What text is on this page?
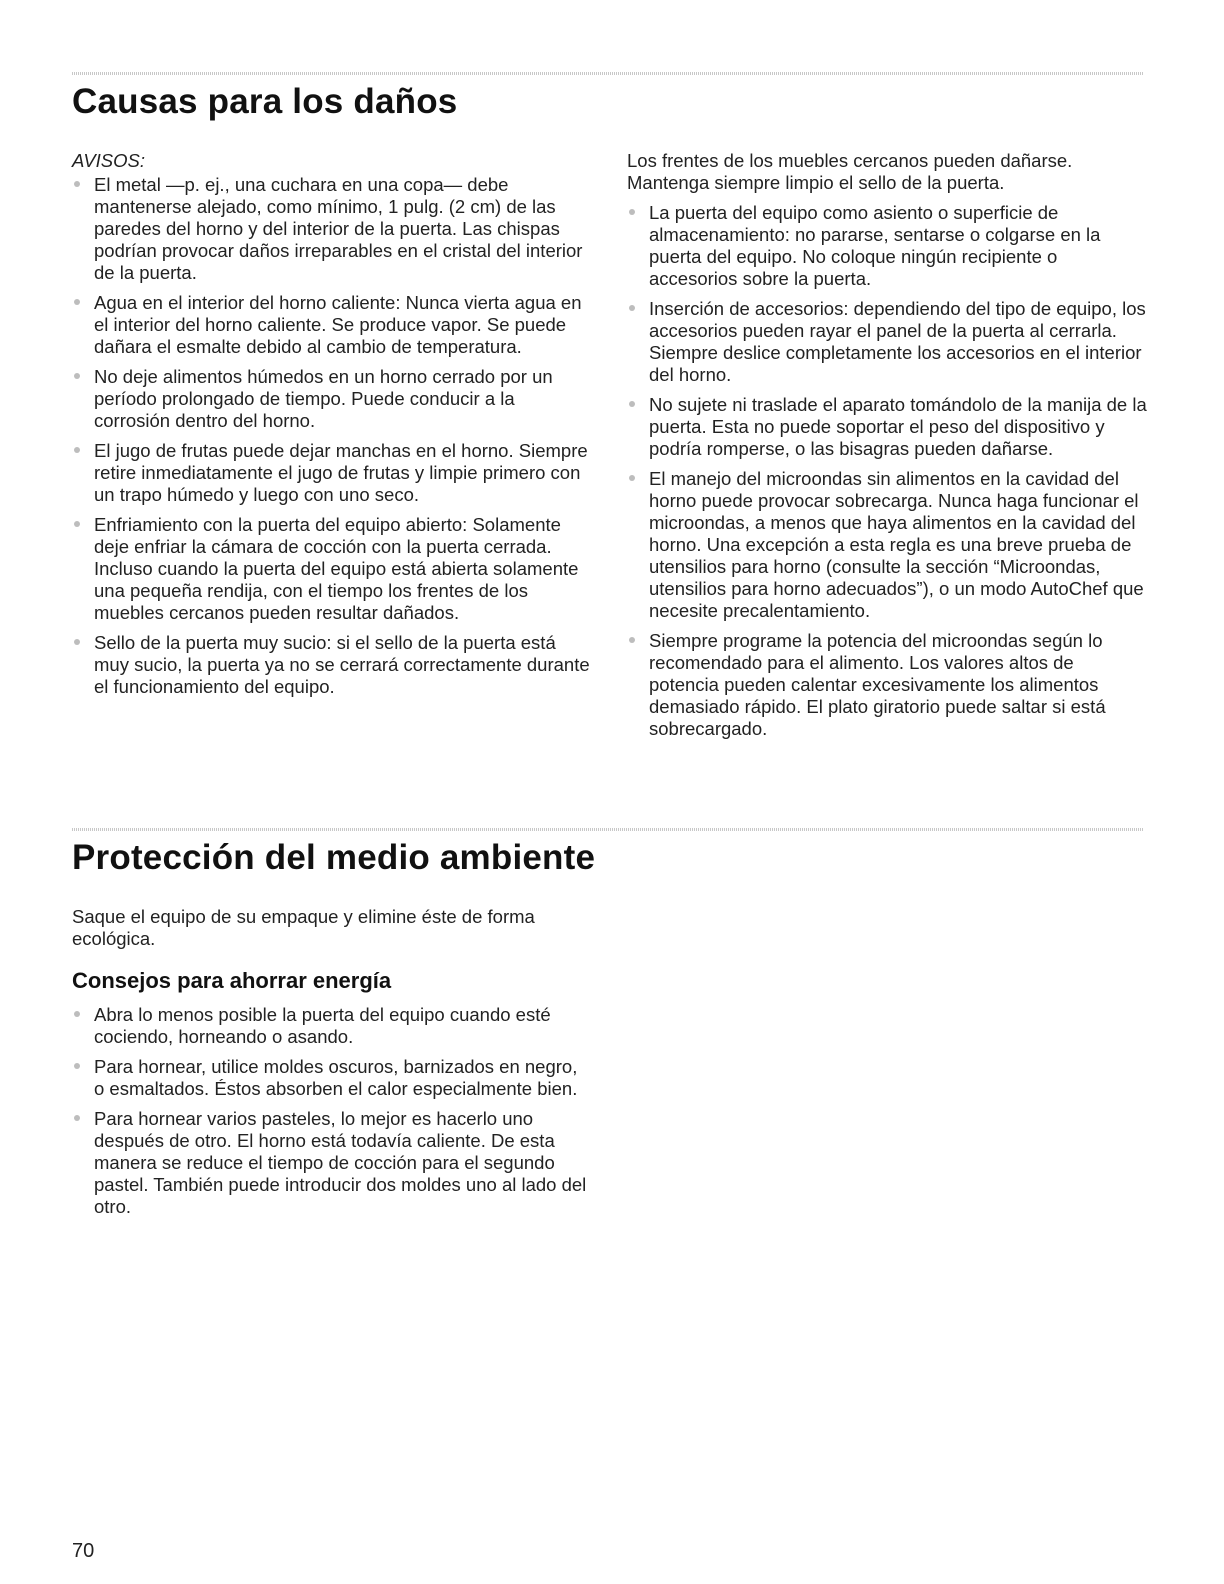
Causas para los daños

AVISOS:

El metal —p. ej., una cuchara en una copa— debe mantenerse alejado, como mínimo, 1 pulg. (2 cm) de las paredes del horno y del interior de la puerta. Las chispas podrían provocar daños irreparables en el cristal del interior de la puerta.
Agua en el interior del horno caliente: Nunca vierta agua en el interior del horno caliente. Se produce vapor. Se puede dañara el esmalte debido al cambio de temperatura.
No deje alimentos húmedos en un horno cerrado por un período prolongado de tiempo. Puede conducir a la corrosión dentro del horno.
El jugo de frutas puede dejar manchas en el horno. Siempre retire inmediatamente el jugo de frutas y limpie primero con un trapo húmedo y luego con uno seco.
Enfriamiento con la puerta del equipo abierto: Solamente deje enfriar la cámara de cocción con la puerta cerrada. Incluso cuando la puerta del equipo está abierta solamente una pequeña rendija, con el tiempo los frentes de los muebles cercanos pueden resultar dañados.
Sello de la puerta muy sucio: si el sello de la puerta está muy sucio, la puerta ya no se cerrará correctamente durante el funcionamiento del equipo.

Los frentes de los muebles cercanos pueden dañarse. Mantenga siempre limpio el sello de la puerta.

La puerta del equipo como asiento o superficie de almacenamiento: no pararse, sentarse o colgarse en la puerta del equipo. No coloque ningún recipiente o accesorios sobre la puerta.
Inserción de accesorios: dependiendo del tipo de equipo, los accesorios pueden rayar el panel de la puerta al cerrarla. Siempre deslice completamente los accesorios en el interior del horno.
No sujete ni traslade el aparato tomándolo de la manija de la puerta. Esta no puede soportar el peso del dispositivo y podría romperse, o las bisagras pueden dañarse.
El manejo del microondas sin alimentos en la cavidad del horno puede provocar sobrecarga. Nunca haga funcionar el microondas, a menos que haya alimentos en la cavidad del horno. Una excepción a esta regla es una breve prueba de utensilios para horno (consulte la sección “Microondas, utensilios para horno adecuados”), o un modo AutoChef que necesite precalentamiento.
Siempre programe la potencia del microondas según lo recomendado para el alimento. Los valores altos de potencia pueden calentar excesivamente los alimentos demasiado rápido. El plato giratorio puede saltar si está sobrecargado.
Protección del medio ambiente

Saque el equipo de su empaque y elimine éste de forma ecológica.

Consejos para ahorrar energía
Abra lo menos posible la puerta del equipo cuando esté cociendo, horneando o asando.
Para hornear, utilice moldes oscuros, barnizados en negro, o esmaltados. Éstos absorben el calor especialmente bien.
Para hornear varios pasteles, lo mejor es hacerlo uno después de otro. El horno está todavía caliente. De esta manera se reduce el tiempo de cocción para el segundo pastel. También puede introducir dos moldes uno al lado del otro.
70
